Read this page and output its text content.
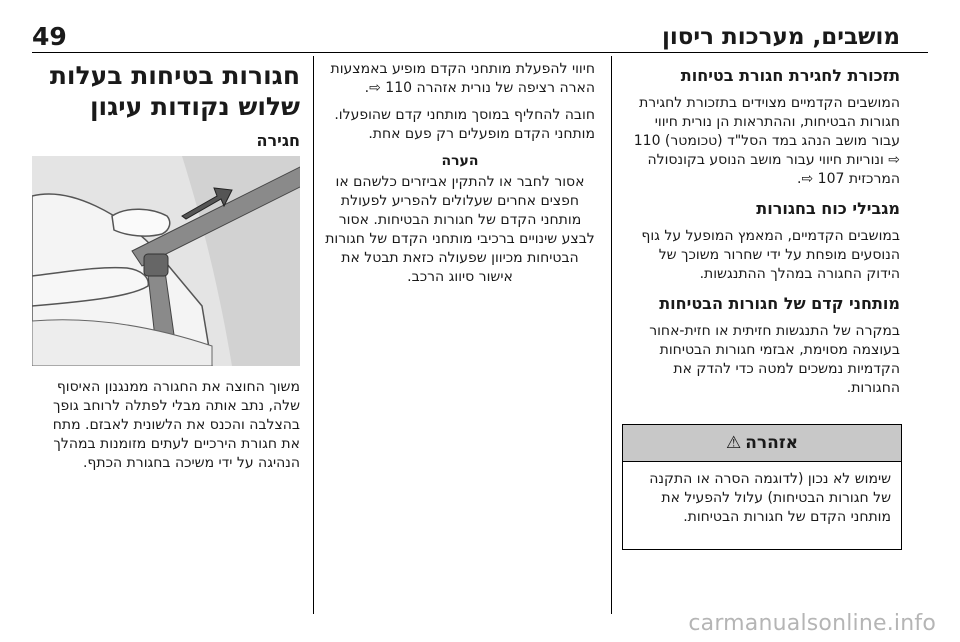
49	מושבים, מערכות ריסון
תזכורת לחגירת חגורת בטיחות
המושבים הקדמיים מצוידים בתזכורת לחגירת חגורות הבטיחות, וההתראות הן נורית חיווי עבור מושב הנהג במד הסל"ד (טכומטר) 110 ⇨ ונוריות חיווי עבור מושב הנוסע בקונסולה המרכזית 107 ⇨.
מגבילי כוח בחגורות
במושבים הקדמיים, המאמץ המופעל על גוף הנוסעים מופחת על ידי שחרור משוכך של הידוק החגורה במהלך ההתנגשות.
מותחני קדם של חגורות הבטיחות
במקרה של התנגשות חזיתית או חזית-אחור בעוצמה מסוימת, אבזמי חגורות הבטיחות הקדמיות נמשכים למטה כדי להדק את החגורות.
אזהרה
⚠
שימוש לא נכון (לדוגמה הסרה או התקנה של חגורות הבטיחות) עלול להפעיל את מותחני הקדם של חגורות הבטיחות.
חיווי להפעלת מותחני הקדם מופיע באמצעות הארה רציפה של נורית אזהרה 110 ⇨.
חובה להחליף במוסך מותחני קדם שהופעלו. מותחני הקדם מופעלים רק פעם אחת.
הערה
אסור לחבר או להתקין אביזרים כלשהם או חפצים אחרים שעלולים להפריע לפעולת מותחני הקדם של חגורות הבטיחות. אסור לבצע שינויים ברכיבי מותחני הקדם של חגורות הבטיחות מכיוון שפעולה כזאת תבטל את אישור סיווג הרכב.
חגורות בטיחות בעלות שלוש נקודות עיגון
חגירה
משוך החוצה את החגורה ממנגנון האיסוף שלה, נתב אותה מבלי לפתלה לרוחב גופך בהצלבה והכנס את הלשונית לאבזם. מתח את חגורת הירכיים לעתים מזומנות במהלך הנהיגה על ידי משיכה בחגורת הכתף.
carmanualsonline.info
